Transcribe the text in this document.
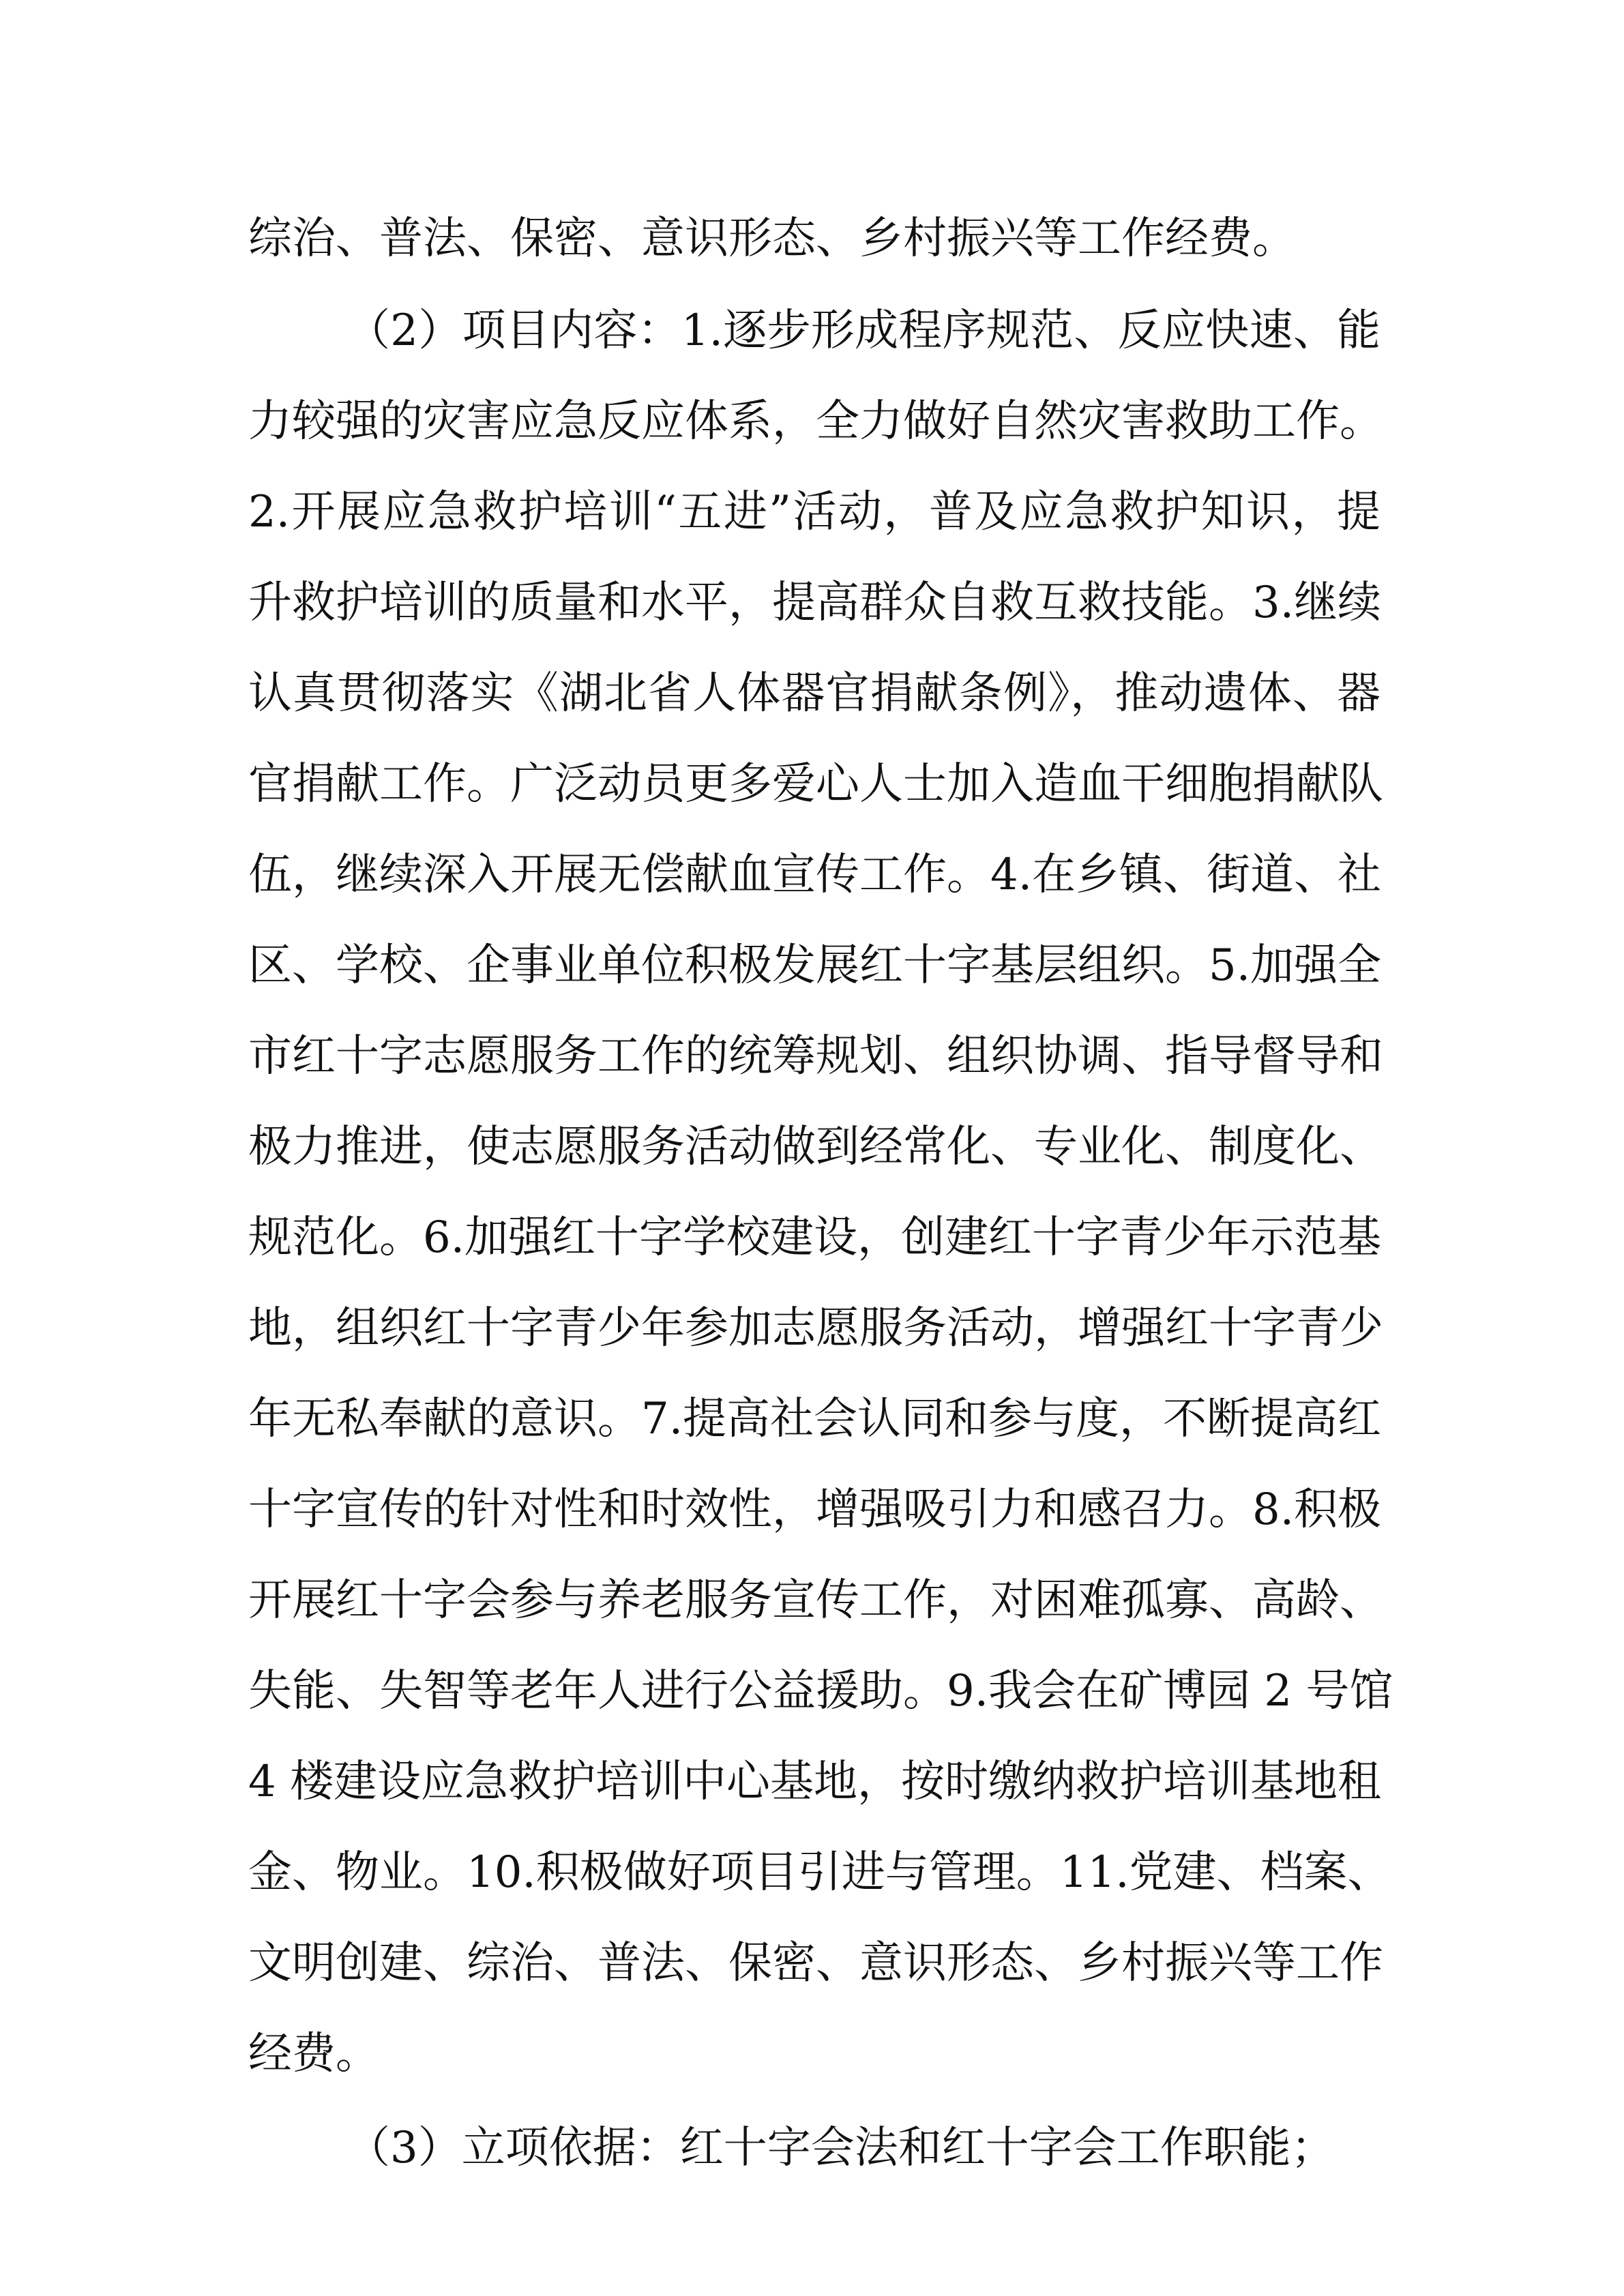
综治、普法、保密、意识形态、乡村振兴等工作经费。
（2）项目内容：1.逐步形成程序规范、反应快速、能
力较强的灾害应急反应体系，全力做好自然灾害救助工作。
2.开展应急救护培训“五进”活动，普及应急救护知识，提
升救护培训的质量和水平，提高群众自救互救技能。3.继续
认真贯彻落实《湖北省人体器官捐献条例》，推动遗体、器
官捐献工作。广泛动员更多爱心人士加入造血干细胞捐献队
伍，继续深入开展无偿献血宣传工作。4.在乡镇、街道、社
区、学校、企事业单位积极发展红十字基层组织。5.加强全
市红十字志愿服务工作的统筹规划、组织协调、指导督导和
极力推进，使志愿服务活动做到经常化、专业化、制度化、
规范化。6.加强红十字学校建设，创建红十字青少年示范基
地，组织红十字青少年参加志愿服务活动，增强红十字青少
年无私奉献的意识。7.提高社会认同和参与度，不断提高红
十字宣传的针对性和时效性，增强吸引力和感召力。8.积极
开展红十字会参与养老服务宣传工作，对困难孤寡、高龄、
失能、失智等老年人进行公益援助。9.我会在矿博园 2 号馆
4 楼建设应急救护培训中心基地，按时缴纳救护培训基地租
金、物业。10.积极做好项目引进与管理。11.党建、档案、
文明创建、综治、普法、保密、意识形态、乡村振兴等工作
经费。
（3）立项依据：红十字会法和红十字会工作职能；
